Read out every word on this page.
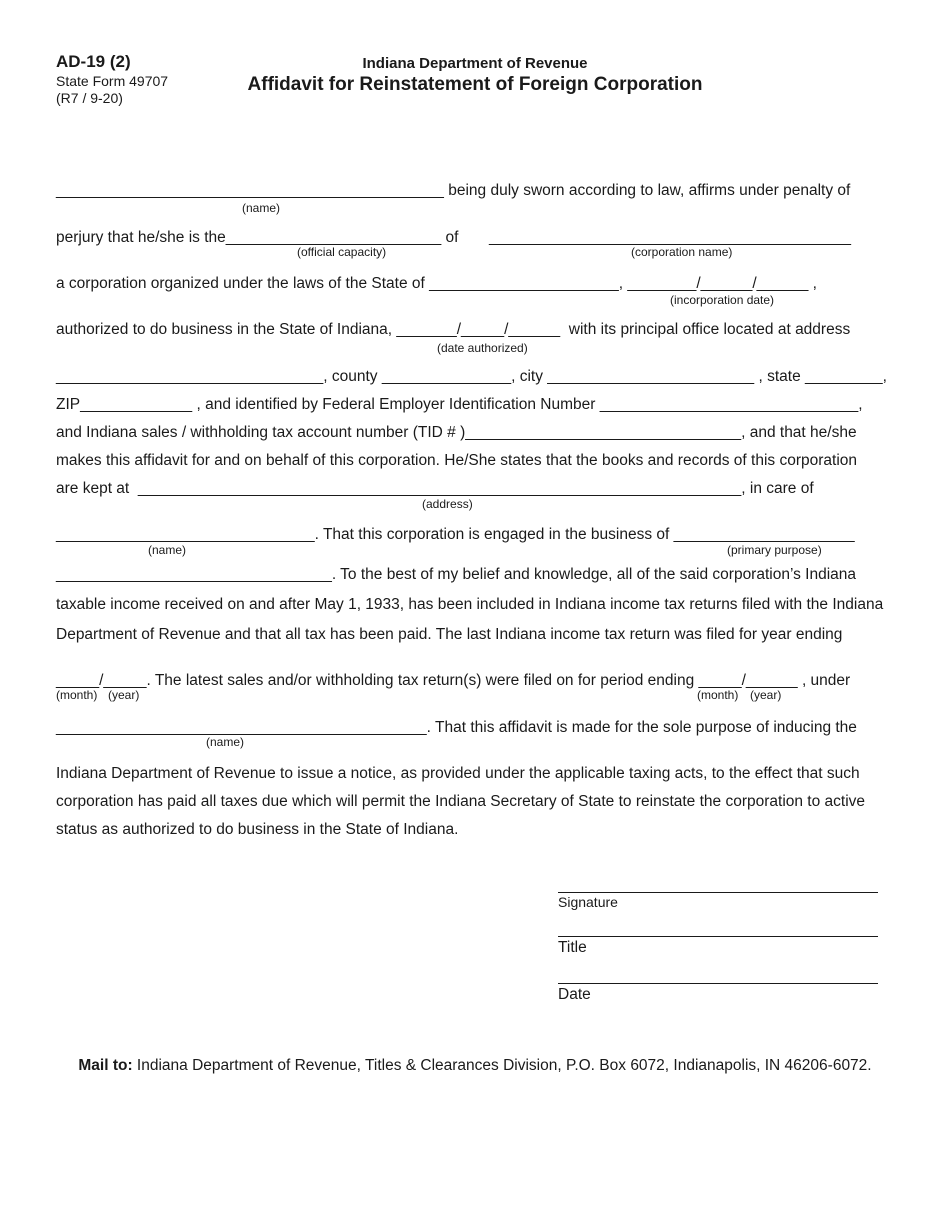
AD-19 (2)
State Form 49707
(R7 / 9-20)
Indiana Department of Revenue
Affidavit for Reinstatement of Foreign Corporation
_____________________________________________ being duly sworn according to law, affirms under penalty of
(name)
perjury that he/she is the_________________________ of __________________________________________
(official capacity)	(corporation name)
a corporation organized under the laws of the State of ______________________, ________/______/______ ,
(incorporation date)
authorized to do business in the State of Indiana, _______/_____/______  with its principal office located at address
(date authorized)
_______________________________, county _______________, city ________________________ , state _________,
ZIP_____________ , and identified by Federal Employer Identification Number ______________________________,
and Indiana sales / withholding tax account number (TID # )________________________________, and that he/she
makes this affidavit for and on behalf of this corporation. He/She states that the books and records of this corporation
are kept at  ______________________________________________________________________, in care of
(address)
______________________________. That this corporation is engaged in the business of _____________________
(name)	(primary purpose)
________________________________. To the best of my belief and knowledge, all of the said corporation’s Indiana
taxable income received on and after May 1, 1933, has been included in Indiana income tax returns filed with the Indiana
Department of Revenue and that all tax has been paid. The last Indiana income tax return was filed for year ending
_____/_____. The latest sales and/or withholding tax return(s) were filed on for period ending _____/______ , under
(month) (year)	(month) (year)
___________________________________________. That this affidavit is made for the sole purpose of inducing the
(name)
Indiana Department of Revenue to issue a notice, as provided under the applicable taxing acts, to the effect that such
corporation has paid all taxes due which will permit the Indiana Secretary of State to reinstate the corporation to active
status as authorized to do business in the State of Indiana.
Signature
Title
Date
Mail to: Indiana Department of Revenue, Titles & Clearances Division, P.O. Box 6072, Indianapolis, IN 46206-6072.
